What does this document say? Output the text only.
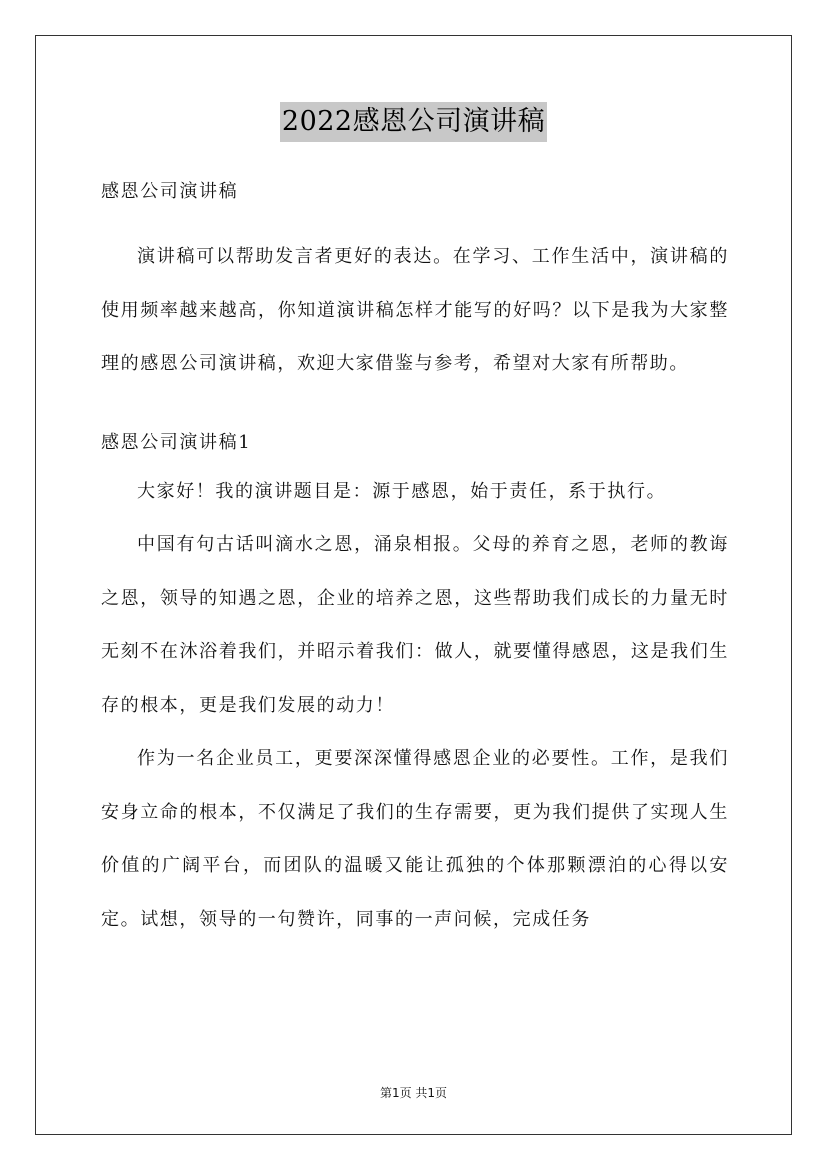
2022感恩公司演讲稿

感恩公司演讲稿

演讲稿可以帮助发言者更好的表达。在学习、工作生活中，演讲稿的使用频率越来越高，你知道演讲稿怎样才能写的好吗？以下是我为大家整理的感恩公司演讲稿，欢迎大家借鉴与参考，希望对大家有所帮助。

感恩公司演讲稿1

大家好！我的演讲题目是：源于感恩，始于责任，系于执行。

中国有句古话叫滴水之恩，涌泉相报。父母的养育之恩，老师的教诲之恩，领导的知遇之恩，企业的培养之恩，这些帮助我们成长的力量无时无刻不在沐浴着我们，并昭示着我们：做人，就要懂得感恩，这是我们生存的根本，更是我们发展的动力！

作为一名企业员工，更要深深懂得感恩企业的必要性。工作，是我们安身立命的根本，不仅满足了我们的生存需要，更为我们提供了实现人生价值的广阔平台，而团队的温暖又能让孤独的个体那颗漂泊的心得以安定。试想，领导的一句赞许，同事的一声问候，完成任务

第1页 共1页
